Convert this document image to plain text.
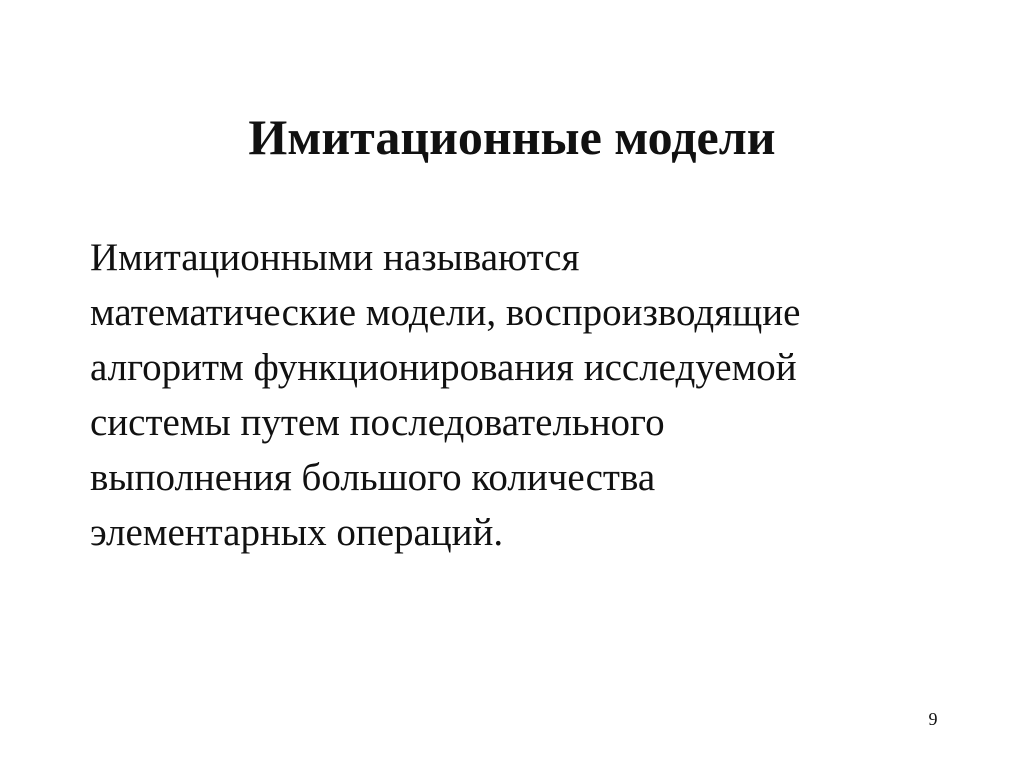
Имитационные модели

Имитационными называются
математические модели, воспроизводящие
алгоритм функционирования исследуемой
системы путем последовательного
выполнения большого количества
элементарных операций.

9
